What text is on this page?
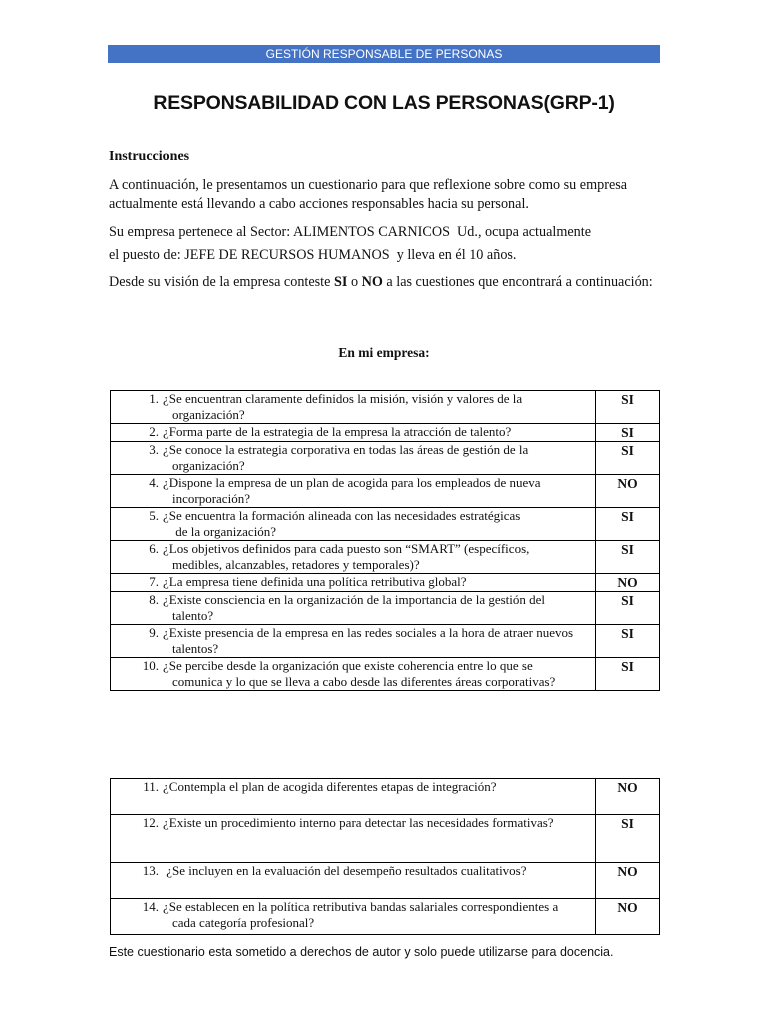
GESTIÓN RESPONSABLE DE PERSONAS
RESPONSABILIDAD CON LAS PERSONAS(GRP-1)
Instrucciones
A continuación, le presentamos un cuestionario para que reflexione sobre como su empresa actualmente está llevando a cabo acciones responsables hacia su personal.
Su empresa pertenece al Sector: ALIMENTOS CARNICOS  Ud., ocupa actualmente
el puesto de: JEFE DE RECURSOS HUMANOS  y lleva en él 10 años.
Desde su visión de la empresa conteste SI o NO a las cuestiones que encontrará a continuación:
En mi empresa:
1. ¿Se encuentran claramente definidos la misión, visión y valores de la
organización?	SI

2. ¿Forma parte de la estrategia de la empresa la atracción de talento?	SI

3. ¿Se conoce la estrategia corporativa en todas las áreas de gestión de la
organización?	SI

4. ¿Dispone la empresa de un plan de acogida para los empleados de nueva
incorporación?	NO

5. ¿Se encuentra la formación alineada con las necesidades estratégicas
de la organización?	SI

6. ¿Los objetivos definidos para cada puesto son “SMART” (específicos,
medibles, alcanzables, retadores y temporales)?	SI

7. ¿La empresa tiene definida una política retributiva global?	NO

8. ¿Existe consciencia en la organización de la importancia de la gestión del
talento?	SI

9. ¿Existe presencia de la empresa en las redes sociales a la hora de atraer nuevos
talentos?	SI

10. ¿Se percibe desde la organización que existe coherencia entre lo que se
comunica y lo que se lleva a cabo desde las diferentes áreas corporativas?	SI
11. ¿Contempla el plan de acogida diferentes etapas de integración?	NO

12. ¿Existe un procedimiento interno para detectar las necesidades formativas?	SI

13. ¿Se incluyen en la evaluación del desempeño resultados cualitativos?	NO

14. ¿Se establecen en la política retributiva bandas salariales correspondientes a
cada categoría profesional?	NO
Este cuestionario esta sometido a derechos de autor y solo puede utilizarse para docencia.
